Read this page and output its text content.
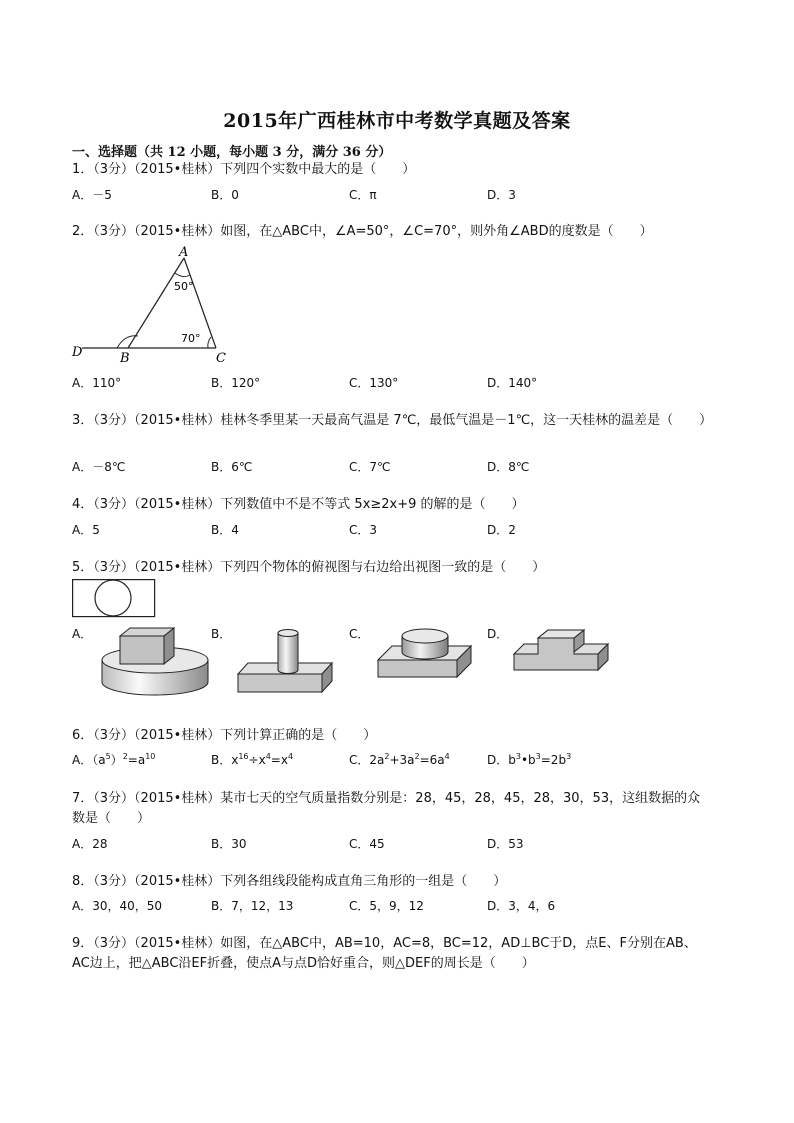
2015年广西桂林市中考数学真题及答案
一、选择题（共 12 小题，每小题 3 分，满分 36 分）
1．（3分）（2015•桂林）下列四个实数中最大的是（　　）
A．－5	B．0	C．π	D．3
2．（3分）（2015•桂林）如图，在△ABC中，∠A=50°，∠C=70°，则外角∠ABD的度数是（　　）
A
B	C
D
50°
70°
A．110°	B．120°	C．130°	D．140°
3．（3分）（2015•桂林）桂林冬季里某一天最高气温是 7℃，最低气温是－1℃，这一天桂林的温差是（　　）
A．－8℃	B．6℃	C．7℃	D．8℃
4．（3分）（2015•桂林）下列数值中不是不等式 5x≥2x+9 的解的是（　　）
A．5	B．4	C．3	D．2
5．（3分）（2015•桂林）下列四个物体的俯视图与右边给出视图一致的是（　　）
A．	B．	C．	D．
6．（3分）（2015•桂林）下列计算正确的是（　　）
A．$(a^5)^2=a^{10}$	B．$x^{16}\div x^4=x^4$	C．$2a^2+3a^2=6a^4$	D．$b^3•b^3=2b^3$
7．（3分）（2015•桂林）某市七天的空气质量指数分别是：28，45，28，45，28，30，53，这组数据的众数是（　　）
A．28	B．30	C．45	D．53
8．（3分）（2015•桂林）下列各组线段能构成直角三角形的一组是（　　）
A．30，40，50	B．7，12，13	C．5，9，12	D．3，4，6
9．（3分）（2015•桂林）如图，在△ABC中，AB=10，AC=8，BC=12，AD⊥BC于D，点E、F分别在AB、AC边上，把△ABC沿EF折叠，使点A与点D恰好重合，则△DEF的周长是（　　）
